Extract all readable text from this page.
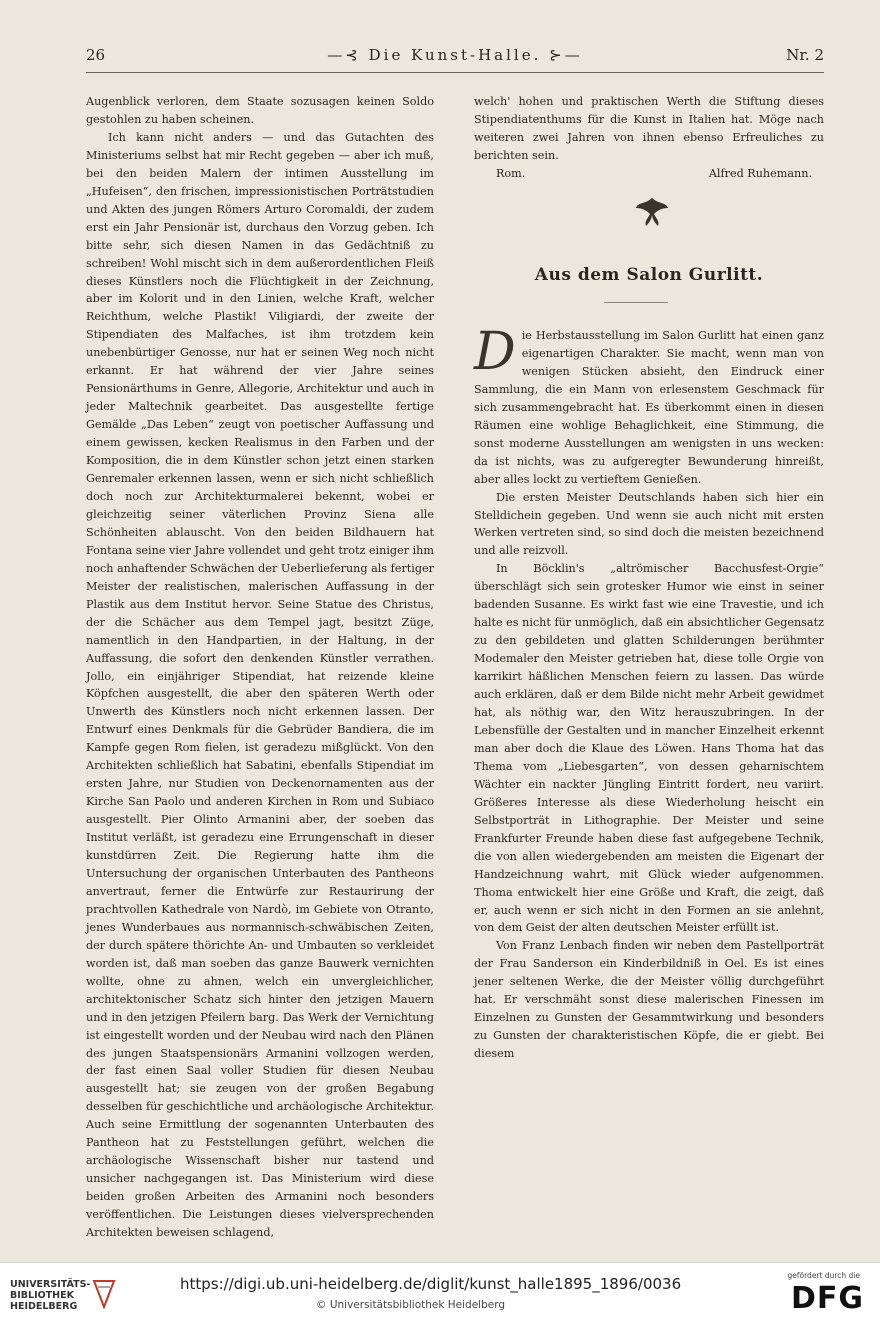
26	—⊰ Die Kunst-Halle. ⊱—	Nr. 2

Augenblick verloren, dem Staate sozusagen keinen Soldo gestohlen zu haben scheinen.

Ich kann nicht anders — und das Gutachten des Ministeriums selbst hat mir Recht gegeben — aber ich muß, bei den beiden Malern der intimen Ausstellung im „Hufeisen“, den frischen, impressionistischen Porträtstudien und Akten des jungen Römers Arturo Coromaldi, der zudem erst ein Jahr Pensionär ist, durchaus den Vorzug geben. Ich bitte sehr, sich diesen Namen in das Gedächtniß zu schreiben! Wohl mischt sich in dem außerordentlichen Fleiß dieses Künstlers noch die Flüchtigkeit in der Zeichnung, aber im Kolorit und in den Linien, welche Kraft, welcher Reichthum, welche Plastik! Viligiardi, der zweite der Stipendiaten des Malfaches, ist ihm trotzdem kein unebenbürtiger Genosse, nur hat er seinen Weg noch nicht erkannt. Er hat während der vier Jahre seines Pensionärthums in Genre, Allegorie, Architektur und auch in jeder Maltechnik gearbeitet. Das ausgestellte fertige Gemälde „Das Leben“ zeugt von poetischer Auffassung und einem gewissen, kecken Realismus in den Farben und der Komposition, die in dem Künstler schon jetzt einen starken Genremaler erkennen lassen, wenn er sich nicht schließlich doch noch zur Architekturmalerei bekennt, wobei er gleichzeitig seiner väterlichen Provinz Siena alle Schönheiten ablauscht. Von den beiden Bildhauern hat Fontana seine vier Jahre vollendet und geht trotz einiger ihm noch anhaftender Schwächen der Ueberlieferung als fertiger Meister der realistischen, malerischen Auffassung in der Plastik aus dem Institut hervor. Seine Statue des Christus, der die Schächer aus dem Tempel jagt, besitzt Züge, namentlich in den Handpartien, in der Haltung, in der Auffassung, die sofort den denkenden Künstler verrathen. Jollo, ein einjähriger Stipendiat, hat reizende kleine Köpfchen ausgestellt, die aber den späteren Werth oder Unwerth des Künstlers noch nicht erkennen lassen. Der Entwurf eines Denkmals für die Gebrüder Bandiera, die im Kampfe gegen Rom fielen, ist geradezu mißglückt. Von den Architekten schließlich hat Sabatini, ebenfalls Stipendiat im ersten Jahre, nur Studien von Deckenornamenten aus der Kirche San Paolo und anderen Kirchen in Rom und Subiaco ausgestellt. Pier Olinto Armanini aber, der soeben das Institut verläßt, ist geradezu eine Errungenschaft in dieser kunstdürren Zeit. Die Regierung hatte ihm die Untersuchung der organischen Unterbauten des Pantheons anvertraut, ferner die Entwürfe zur Restaurirung der prachtvollen Kathedrale von Nardò, im Gebiete von Otranto, jenes Wunderbaues aus normannisch-schwäbischen Zeiten, der durch spätere thörichte An- und Umbauten so verkleidet worden ist, daß man soeben das ganze Bauwerk vernichten wollte, ohne zu ahnen, welch ein unvergleichlicher, architektonischer Schatz sich hinter den jetzigen Mauern und in den jetzigen Pfeilern barg. Das Werk der Vernichtung ist eingestellt worden und der Neubau wird nach den Plänen des jungen Staatspensionärs Armanini vollzogen werden, der fast einen Saal voller Studien für diesen Neubau ausgestellt hat; sie zeugen von der großen Begabung desselben für geschichtliche und archäologische Architektur. Auch seine Ermittlung der sogenannten Unterbauten des Pantheon hat zu Feststellungen geführt, welchen die archäologische Wissenschaft bisher nur tastend und unsicher nachgegangen ist. Das Ministerium wird diese beiden großen Arbeiten des Armanini noch besonders veröffentlichen. Die Leistungen dieses vielversprechenden Architekten beweisen schlagend,

welch' hohen und praktischen Werth die Stiftung dieses Stipendiatenthums für die Kunst in Italien hat. Möge nach weiteren zwei Jahren von ihnen ebenso Erfreuliches zu berichten sein.

Rom.	Alfred Ruhemann.
Aus dem Salon Gurlitt.

Die Herbstausstellung im Salon Gurlitt hat einen ganz eigenartigen Charakter. Sie macht, wenn man von wenigen Stücken absieht, den Eindruck einer Sammlung, die ein Mann von erlesenstem Geschmack für sich zusammengebracht hat. Es überkommt einen in diesen Räumen eine wohlige Behaglichkeit, eine Stimmung, die sonst moderne Ausstellungen am wenigsten in uns wecken: da ist nichts, was zu aufgeregter Bewunderung hinreißt, aber alles lockt zu vertieftem Genießen.

Die ersten Meister Deutschlands haben sich hier ein Stelldichein gegeben. Und wenn sie auch nicht mit ersten Werken vertreten sind, so sind doch die meisten bezeichnend und alle reizvoll.

In Böcklin's „altrömischer Bacchusfest-Orgie“ überschlägt sich sein grotesker Humor wie einst in seiner badenden Susanne. Es wirkt fast wie eine Travestie, und ich halte es nicht für unmöglich, daß ein absichtlicher Gegensatz zu den gebildeten und glatten Schilderungen berühmter Modemaler den Meister getrieben hat, diese tolle Orgie von karrikirt häßlichen Menschen feiern zu lassen. Das würde auch erklären, daß er dem Bilde nicht mehr Arbeit gewidmet hat, als nöthig war, den Witz herauszubringen. In der Lebensfülle der Gestalten und in mancher Einzelheit erkennt man aber doch die Klaue des Löwen. Hans Thoma hat das Thema vom „Liebesgarten“, von dessen geharnischtem Wächter ein nackter Jüngling Eintritt fordert, neu variirt. Größeres Interesse als diese Wiederholung heischt ein Selbstporträt in Lithographie. Der Meister und seine Frankfurter Freunde haben diese fast aufgegebene Technik, die von allen wiedergebenden am meisten die Eigenart der Handzeichnung wahrt, mit Glück wieder aufgenommen. Thoma entwickelt hier eine Größe und Kraft, die zeigt, daß er, auch wenn er sich nicht in den Formen an sie anlehnt, von dem Geist der alten deutschen Meister erfüllt ist.

Von Franz Lenbach finden wir neben dem Pastellporträt der Frau Sanderson ein Kinderbildniß in Oel. Es ist eines jener seltenen Werke, die der Meister völlig durchgeführt hat. Er verschmäht sonst diese malerischen Finessen im Einzelnen zu Gunsten der Gesammtwirkung und besonders zu Gunsten der charakteristischen Köpfe, die er giebt. Bei diesem

UNIVERSITÄTS-BIBLIOTHEK HEIDELBERG
https://digi.ub.uni-heidelberg.de/diglit/kunst_halle1895_1896/0036
© Universitätsbibliothek Heidelberg
gefördert durch die
DFG
